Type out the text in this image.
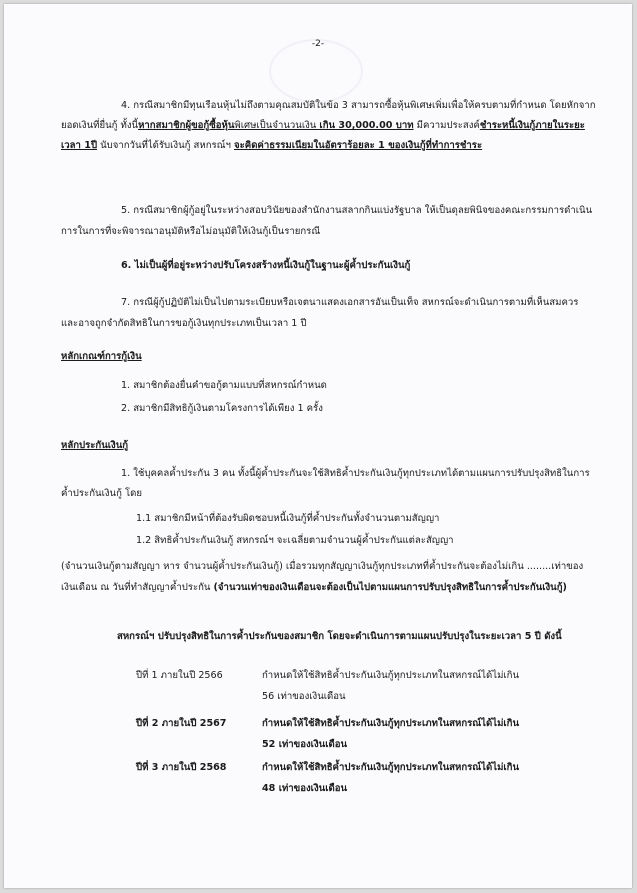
-2-

4. กรณีสมาชิกมีทุนเรือนหุ้นไม่ถึงตามคุณสมบัติในข้อ 3 สามารถซื้อหุ้นพิเศษเพิ่มเพื่อให้ครบตามที่กำหนด โดยหักจากยอดเงินที่ยื่นกู้ ทั้งนี้หากสมาชิกผู้ขอกู้ซื้อหุ้นพิเศษเป็นจำนวนเงิน เกิน 30,000.00 บาท มีความประสงค์ชำระหนี้เงินกู้ภายในระยะเวลา 1ปี นับจากวันที่ได้รับเงินกู้ สหกรณ์ฯ จะคิดค่าธรรมเนียมในอัตราร้อยละ 1 ของเงินกู้ที่ทำการชำระ

5. กรณีสมาชิกผู้กู้อยู่ในระหว่างสอบวินัยของสำนักงานสลากกินแบ่งรัฐบาล ให้เป็นดุลยพินิจของคณะกรรมการดำเนินการในการที่จะพิจารณาอนุมัติหรือไม่อนุมัติให้เงินกู้เป็นรายกรณี

6. ไม่เป็นผู้ที่อยู่ระหว่างปรับโครงสร้างหนี้เงินกู้ในฐานะผู้ค้ำประกันเงินกู้

7. กรณีผู้กู้ปฏิบัติไม่เป็นไปตามระเบียบหรือเจตนาแสดงเอกสารอันเป็นเท็จ สหกรณ์จะดำเนินการตามที่เห็นสมควร และอาจถูกจำกัดสิทธิในการขอกู้เงินทุกประเภทเป็นเวลา 1 ปี

หลักเกณฑ์การกู้เงิน
1. สมาชิกต้องยื่นคำขอกู้ตามแบบที่สหกรณ์กำหนด
2. สมาชิกมีสิทธิกู้เงินตามโครงการได้เพียง 1 ครั้ง
หลักประกันเงินกู้

1. ใช้บุคคลค้ำประกัน 3 คน ทั้งนี้ผู้ค้ำประกันจะใช้สิทธิค้ำประกันเงินกู้ทุกประเภทได้ตามแผนการปรับปรุงสิทธิในการค้ำประกันเงินกู้ โดย

1.1 สมาชิกมีหน้าที่ต้องรับผิดชอบหนี้เงินกู้ที่ค้ำประกันทั้งจำนวนตามสัญญา
1.2 สิทธิค้ำประกันเงินกู้ สหกรณ์ฯ จะเฉลี่ยตามจำนวนผู้ค้ำประกันแต่ละสัญญา

(จำนวนเงินกู้ตามสัญญา หาร จำนวนผู้ค้ำประกันเงินกู้) เมื่อรวมทุกสัญญาเงินกู้ทุกประเภทที่ค้ำประกันจะต้องไม่เกิน ........เท่าของเงินเดือน ณ วันที่ทำสัญญาค้ำประกัน (จำนวนเท่าของเงินเดือนจะต้องเป็นไปตามแผนการปรับปรุงสิทธิในการค้ำประกันเงินกู้)

สหกรณ์ฯ ปรับปรุงสิทธิในการค้ำประกันของสมาชิก โดยจะดำเนินการตามแผนปรับปรุงในระยะเวลา 5 ปี ดังนี้

ปีที่ 1 ภายในปี 2566	กำหนดให้ใช้สิทธิค้ำประกันเงินกู้ทุกประเภทในสหกรณ์ได้ไม่เกิน
56 เท่าของเงินเดือน
ปีที่ 2 ภายในปี 2567	กำหนดให้ใช้สิทธิค้ำประกันเงินกู้ทุกประเภทในสหกรณ์ได้ไม่เกิน
52 เท่าของเงินเดือน
ปีที่ 3 ภายในปี 2568	กำหนดให้ใช้สิทธิค้ำประกันเงินกู้ทุกประเภทในสหกรณ์ได้ไม่เกิน
48 เท่าของเงินเดือน
